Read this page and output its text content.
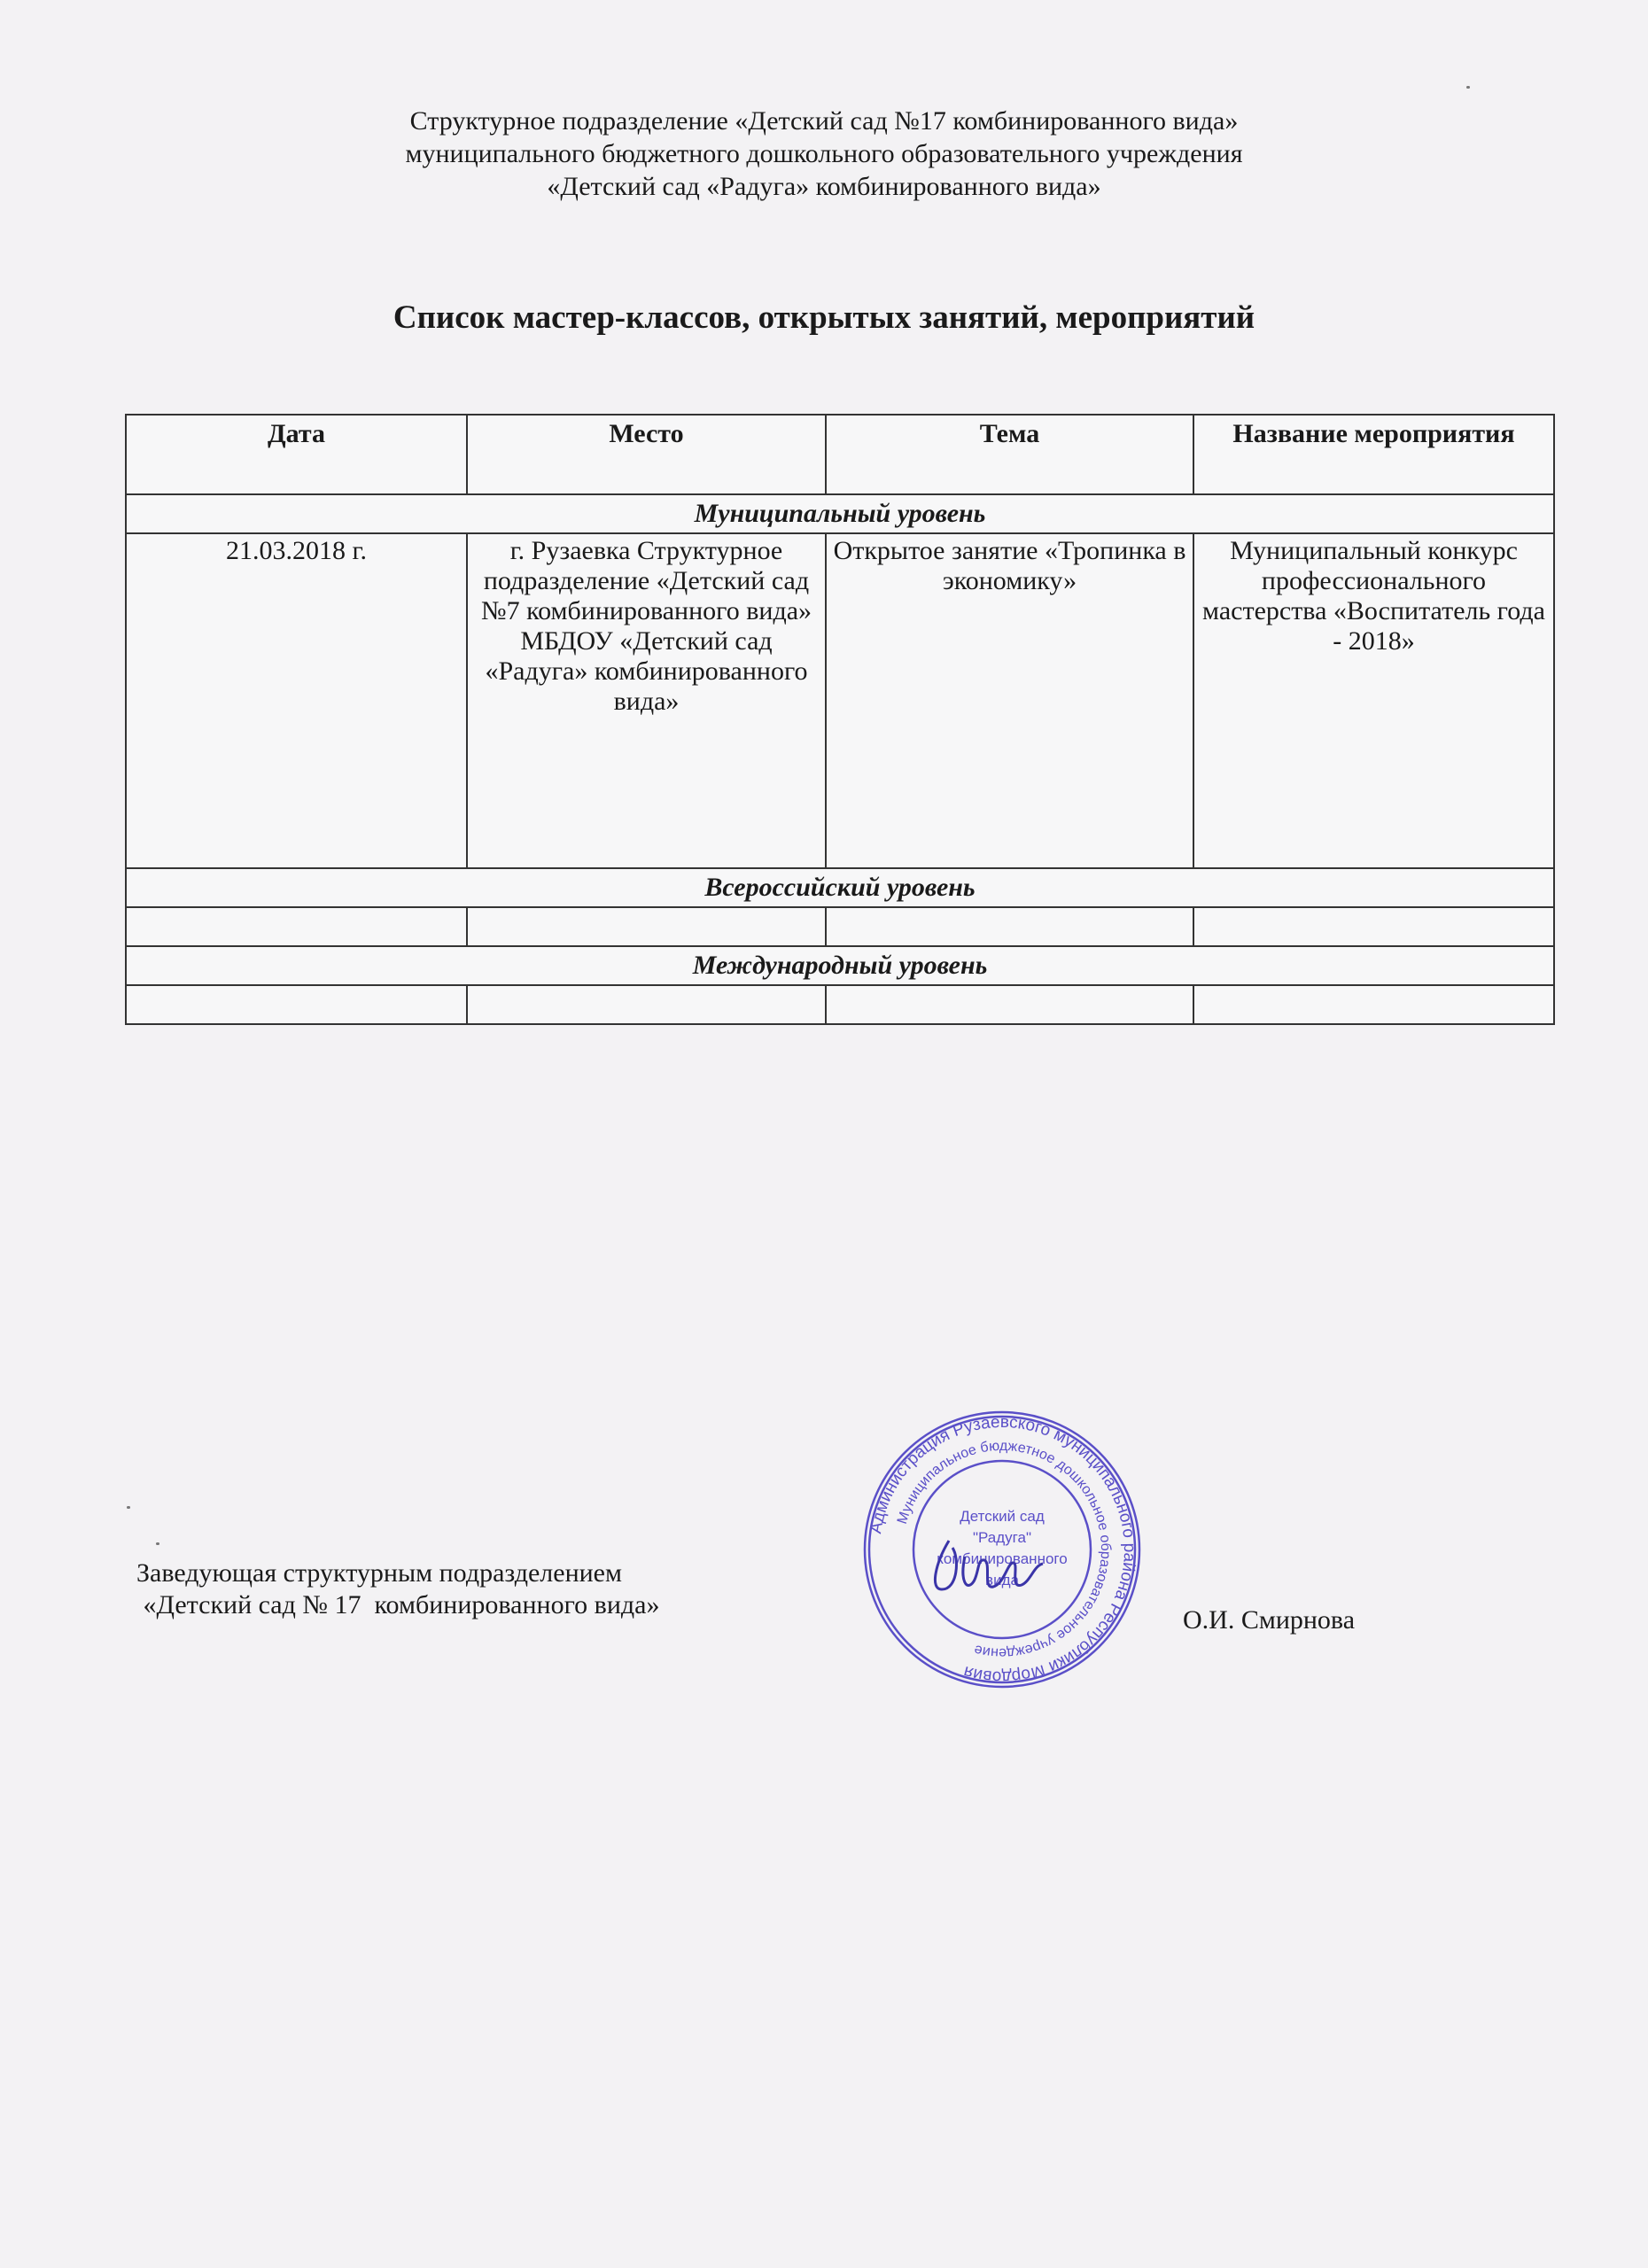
Структурное подразделение «Детский сад №17 комбинированного вида»
муниципального бюджетного дошкольного образовательного учреждения
«Детский сад «Радуга» комбинированного вида»
Список мастер-классов, открытых занятий, мероприятий
Дата	Место	Тема	Название мероприятия
Муниципальный уровень			
21.03.2018 г.	г. Рузаевка Структурное подразделение «Детский сад №7 комбинированного вида» МБДОУ «Детский сад «Радуга» комбинированного вида»	Открытое занятие «Тропинка в экономику»	Муниципальный конкурс профессионального мастерства «Воспитатель года - 2018»
Всероссийский уровень			

Международный уровень			

Заведующая структурным подразделением
«Детский сад № 17  комбинированного вида»
О.И. Смирнова
Администрация Рузаевского муниципального района Республики Мордовия
Муниципальное бюджетное дошкольное образовательное учреждение
Детский сад
"Радуга"
комбинированного
вида
